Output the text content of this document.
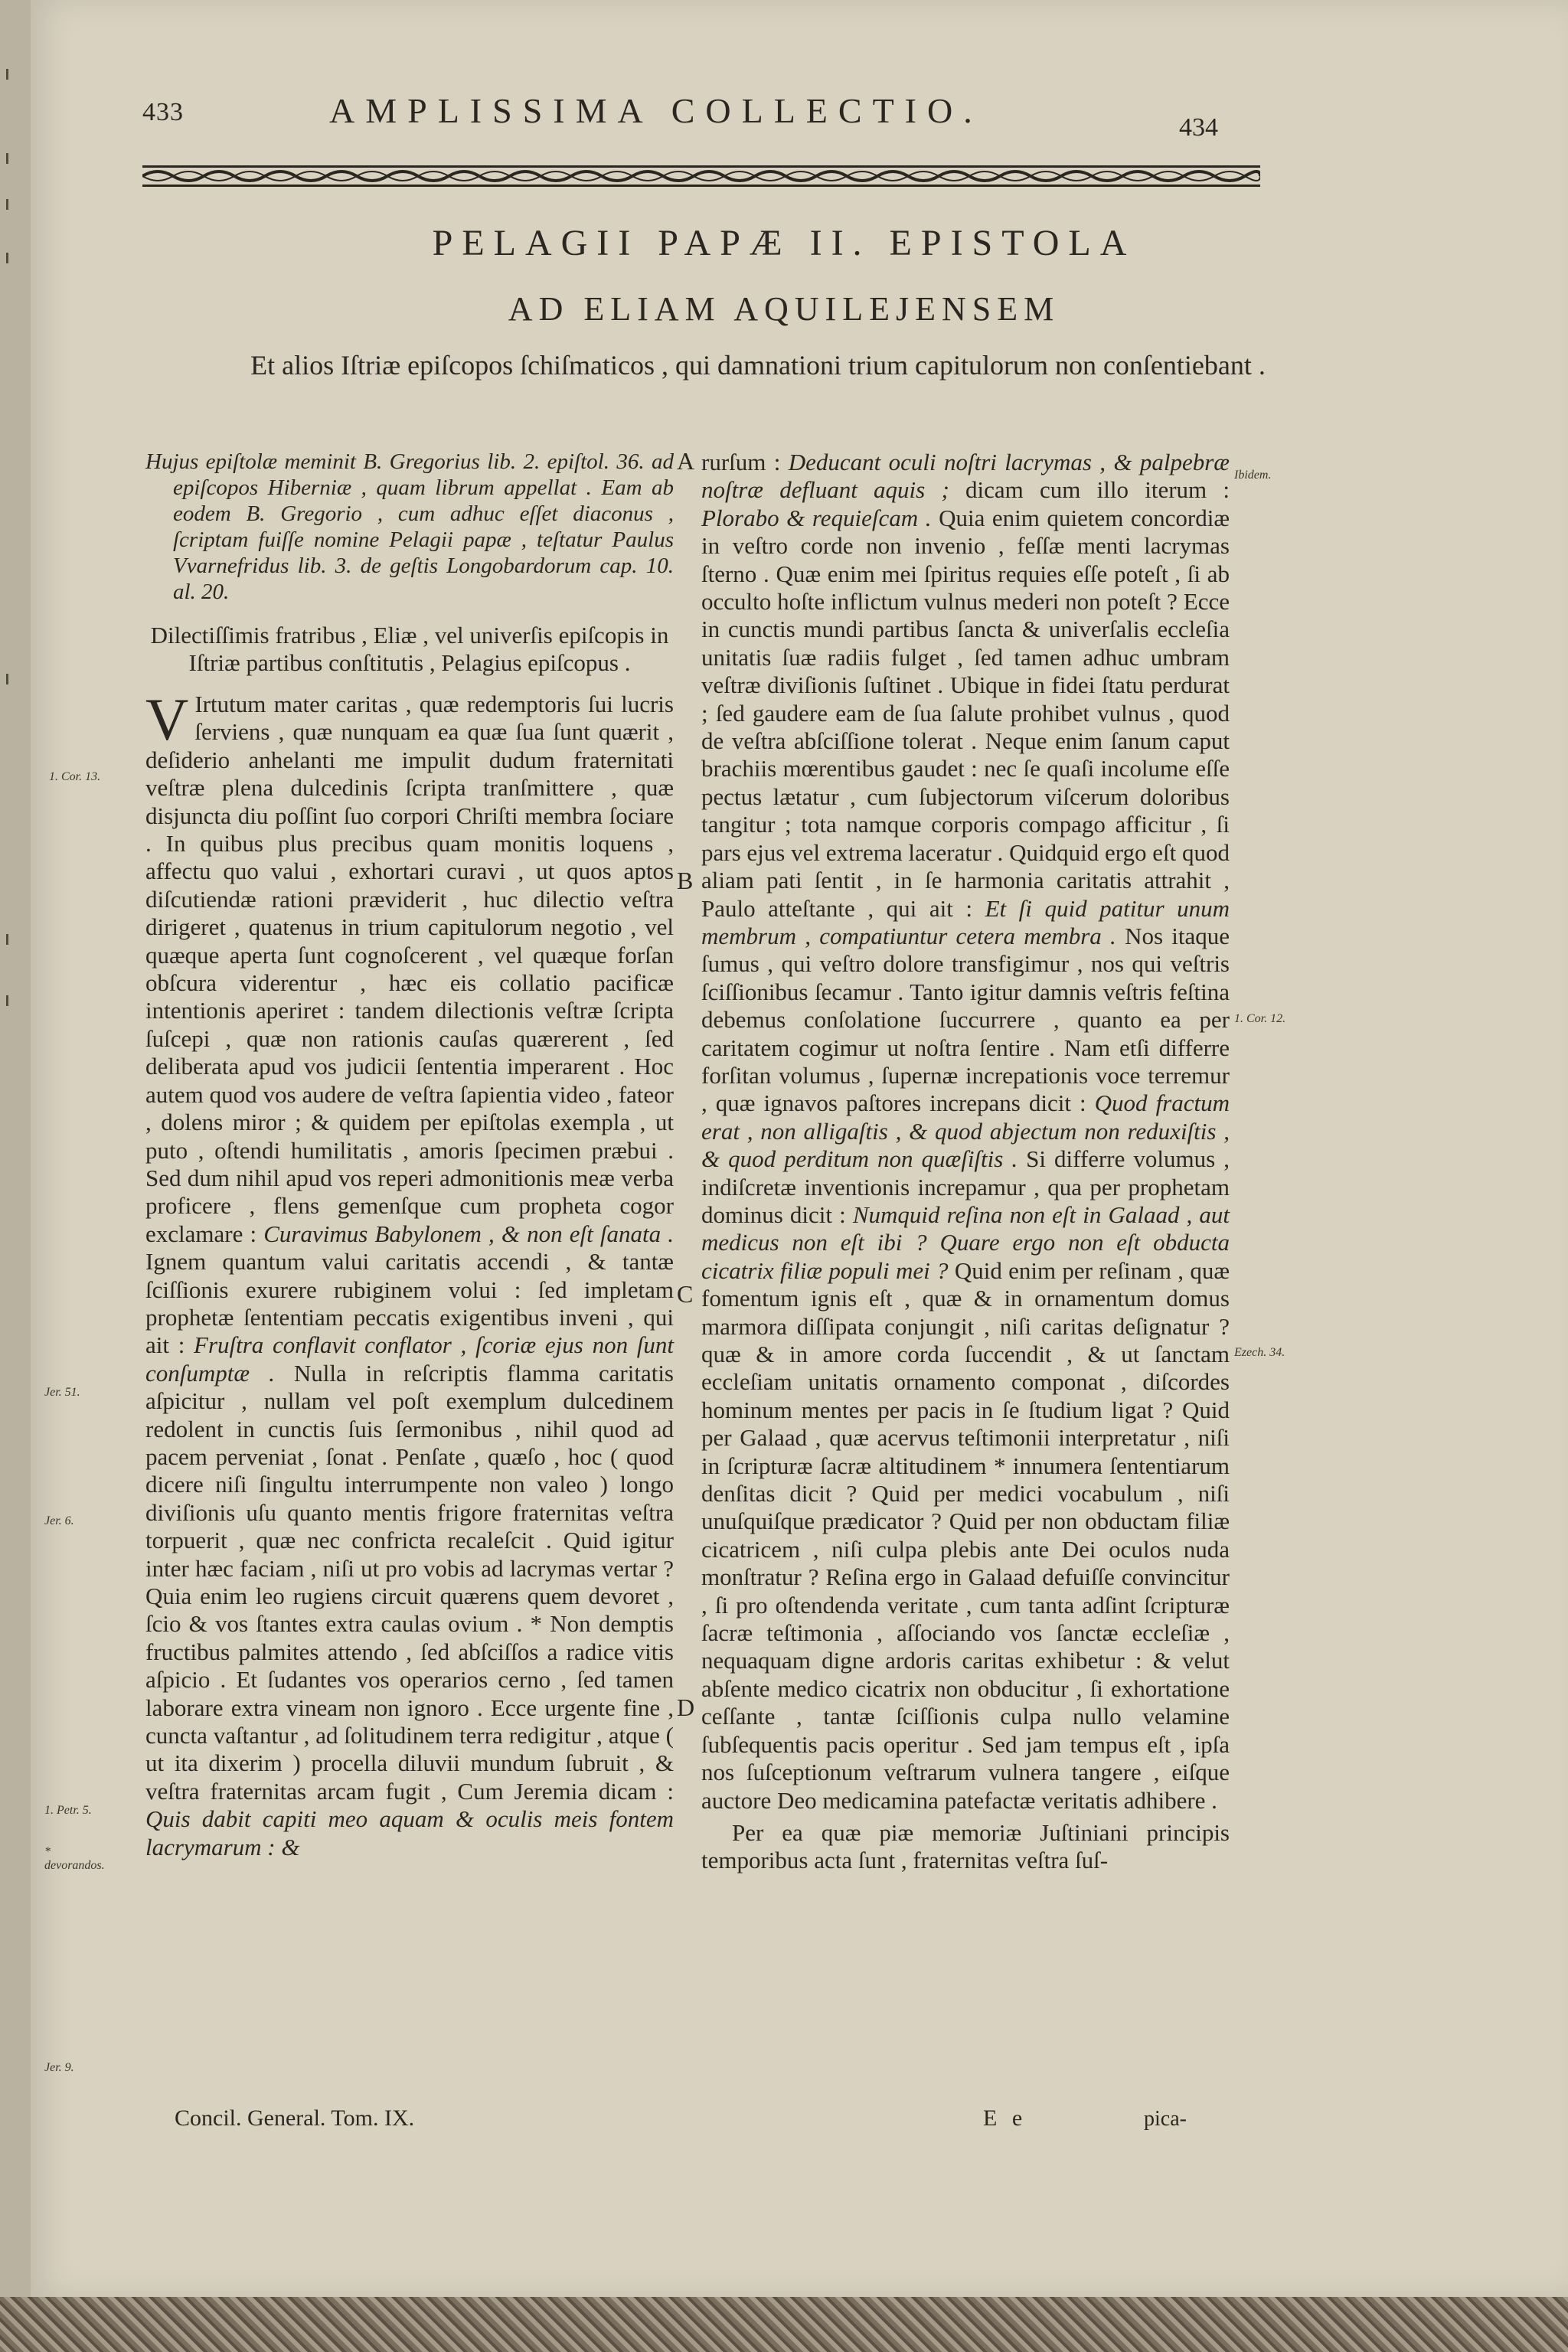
433	AMPLISSIMA COLLECTIO.	434
PELAGII PAPÆ II. EPISTOLA
AD ELIAM AQUILEJENSEM
Et alios Iſtriæ epiſcopos ſchiſmaticos , qui damnationi trium capitulorum non conſentiebant .

Hujus epiſtolæ meminit B. Gregorius lib. 2. epiſtol. 36. ad epiſcopos Hiberniæ , quam librum appellat . Eam ab eodem B. Gregorio , cum adhuc eſſet diaconus , ſcriptam fuiſſe nomine Pelagii papæ , teſtatur Paulus Vvarnefridus lib. 3. de geſtis Longobardorum cap. 10. al. 20.

Dilectiſſimis fratribus , Eliæ , vel univerſis epiſcopis in Iſtriæ partibus conſtitutis , Pelagius epiſcopus .

V Irtutum mater caritas , quæ redemptoris ſui lucris ſerviens , quæ nunquam ea quæ ſua ſunt quærit , deſiderio anhelanti me impulit dudum fraternitati veſtræ plena dulcedinis ſcripta tranſmittere , quæ disjuncta diu poſſint ſuo corpori Chriſti membra ſociare . In quibus plus precibus quam monitis loquens , affectu quo valui , exhortari curavi , ut quos aptos diſcutiendæ rationi præviderit , huc dilectio veſtra dirigeret , quatenus in trium capitulorum negotio , vel quæque aperta ſunt cognoſcerent , vel quæque forſan obſcura viderentur , hæc eis collatio pacificæ intentionis aperiret : tandem dilectionis veſtræ ſcripta ſuſcepi , quæ non rationis cauſas quærerent , ſed deliberata apud vos judicii ſententia imperarent . Hoc autem quod vos audere de veſtra ſapientia video , fateor , dolens miror ; & quidem per epiſtolas exempla , ut puto , oſtendi humilitatis , amoris ſpecimen præbui . Sed dum nihil apud vos reperi admonitionis meæ verba proficere , flens gemenſque cum propheta cogor exclamare : Curavimus Babylonem , & non eſt ſanata . Ignem quantum valui caritatis accendi , & tantæ ſciſſionis exurere rubiginem volui : ſed impletam prophetæ ſententiam peccatis exigentibus inveni , qui ait : Fruſtra conflavit conflator , ſcoriæ ejus non ſunt conſumptæ . Nulla in reſcriptis flamma caritatis aſpicitur , nullam vel poſt exemplum dulcedinem redolent in cunctis ſuis ſermonibus , nihil quod ad pacem perveniat , ſonat . Penſate , quæſo , hoc ( quod dicere niſi ſingultu interrumpente non valeo ) longo diviſionis uſu quanto mentis frigore fraternitas veſtra torpuerit , quæ nec confricta recaleſcit . Quid igitur inter hæc faciam , niſi ut pro vobis ad lacrymas vertar ? Quia enim leo rugiens circuit quærens quem devoret , ſcio & vos ſtantes extra caulas ovium . * Non demptis fructibus palmites attendo , ſed abſciſſos a radice vitis aſpicio . Et ſudantes vos operarios cerno , ſed tamen laborare extra vineam non ignoro . Ecce urgente fine , cuncta vaſtantur , ad ſolitudinem terra redigitur , atque ( ut ita dixerim ) procella diluvii mundum ſubruit , & veſtra fraternitas arcam fugit , Cum Jeremia dicam : Quis dabit capiti meo aquam & oculis meis fontem lacrymarum : &

rurſum : Deducant oculi noſtri lacrymas , & palpebræ noſtræ defluant aquis ; dicam cum illo iterum : Plorabo & requieſcam . Quia enim quietem concordiæ in veſtro corde non invenio , feſſæ menti lacrymas ſterno . Quæ enim mei ſpiritus requies eſſe poteſt , ſi ab occulto hoſte inflictum vulnus mederi non poteſt ? Ecce in cunctis mundi partibus ſancta & univerſalis eccleſia unitatis ſuæ radiis fulget , ſed tamen adhuc umbram veſtræ diviſionis ſuſtinet . Ubique in fidei ſtatu perdurat ; ſed gaudere eam de ſua ſalute prohibet vulnus , quod de veſtra abſciſſione tolerat . Neque enim ſanum caput brachiis mœrentibus gaudet : nec ſe quaſi incolume eſſe pectus lætatur , cum ſubjectorum viſcerum doloribus tangitur ; tota namque corporis compago afficitur , ſi pars ejus vel extrema laceratur . Quidquid ergo eſt quod aliam pati ſentit , in ſe harmonia caritatis attrahit , Paulo atteſtante , qui ait : Et ſi quid patitur unum membrum , compatiuntur cetera membra . Nos itaque ſumus , qui veſtro dolore transfigimur , nos qui veſtris ſciſſionibus ſecamur . Tanto igitur damnis veſtris feſtina debemus conſolatione ſuccurrere , quanto ea per caritatem cogimur ut noſtra ſentire . Nam etſi differre forſitan volumus , ſupernæ increpationis voce terremur , quæ ignavos paſtores increpans dicit : Quod fractum erat , non alligaſtis , & quod abjectum non reduxiſtis , & quod perditum non quæſiſtis . Si differre volumus , indiſcretæ inventionis increpamur , qua per prophetam dominus dicit : Numquid reſina non eſt in Galaad , aut medicus non eſt ibi ? Quare ergo non eſt obducta cicatrix filiæ populi mei ? Quid enim per reſinam , quæ fomentum ignis eſt , quæ & in ornamentum domus marmora diſſipata conjungit , niſi caritas deſignatur ? quæ & in amore corda ſuccendit , & ut ſanctam eccleſiam unitatis ornamento componat , diſcordes hominum mentes per pacis in ſe ſtudium ligat ? Quid per Galaad , quæ acervus teſtimonii interpretatur , niſi in ſcripturæ ſacræ altitudinem * innumera ſententiarum denſitas dicit ? Quid per medici vocabulum , niſi unuſquiſque prædicator ? Quid per non obductam filiæ cicatricem , niſi culpa plebis ante Dei oculos nuda monſtratur ? Reſina ergo in Galaad defuiſſe convincitur , ſi pro oſtendenda veritate , cum tanta adſint ſcripturæ ſacræ teſtimonia , aſſociando vos ſanctæ eccleſiæ , nequaquam digne ardoris caritas exhibetur : & velut abſente medico cicatrix non obducitur , ſi exhortatione ceſſante , tantæ ſciſſionis culpa nullo velamine ſubſequentis pacis operitur . Sed jam tempus eſt , ipſa nos ſuſceptionum veſtrarum vulnera tangere , eiſque auctore Deo medicamina patefactæ veritatis adhibere .

Per ea quæ piæ memoriæ Juſtiniani principis temporibus acta ſunt , fraternitas veſtra ſuſ-

A
B
C
D
1. Cor. 13.
Jer. 51.
Jer. 6.
1. Petr. 5.
* devorandos.
Jer. 9.
Ibidem.
1. Cor. 12.
Ezech. 34.
Concil. General. Tom. IX.	E e	pica-
